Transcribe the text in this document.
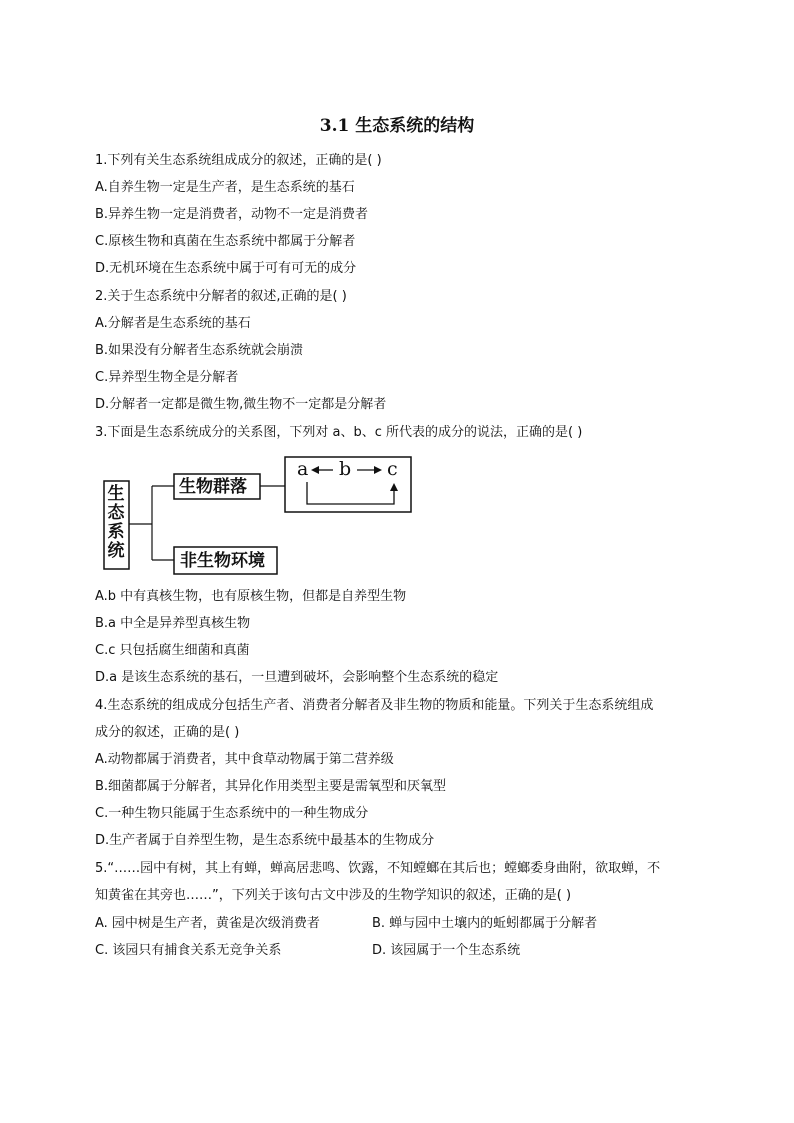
3.1 生态系统的结构
1.下列有关生态系统组成成分的叙述，正确的是( )
A.自养生物一定是生产者，是生态系统的基石
B.异养生物一定是消费者，动物不一定是消费者
C.原核生物和真菌在生态系统中都属于分解者
D.无机环境在生态系统中属于可有可无的成分
2.关于生态系统中分解者的叙述,正确的是( )
A.分解者是生态系统的基石
B.如果没有分解者生态系统就会崩溃
C.异养型生物全是分解者
D.分解者一定都是微生物,微生物不一定都是分解者
3.下面是生态系统成分的关系图，下列对 a、b、c 所代表的成分的说法，正确的是( )
生态系统
生物群落
非生物环境
a b c
A.b 中有真核生物，也有原核生物，但都是自养型生物
B.a 中全是异养型真核生物
C.c 只包括腐生细菌和真菌
D.a 是该生态系统的基石，一旦遭到破坏，会影响整个生态系统的稳定
4.生态系统的组成成分包括生产者、消费者分解者及非生物的物质和能量。下列关于生态系统组成
成分的叙述，正确的是( )
A.动物都属于消费者，其中食草动物属于第二营养级
B.细菌都属于分解者，其异化作用类型主要是需氧型和厌氧型
C.一种生物只能属于生态系统中的一种生物成分
D.生产者属于自养型生物，是生态系统中最基本的生物成分
5.“……园中有树，其上有蝉，蝉高居悲鸣、饮露，不知螳螂在其后也；螳螂委身曲附，欲取蝉，不
知黄雀在其旁也……”，下列关于该句古文中涉及的生物学知识的叙述，正确的是( )
A. 园中树是生产者，黄雀是次级消费者	B. 蝉与园中土壤内的蚯蚓都属于分解者
C. 该园只有捕食关系无竞争关系	D. 该园属于一个生态系统
